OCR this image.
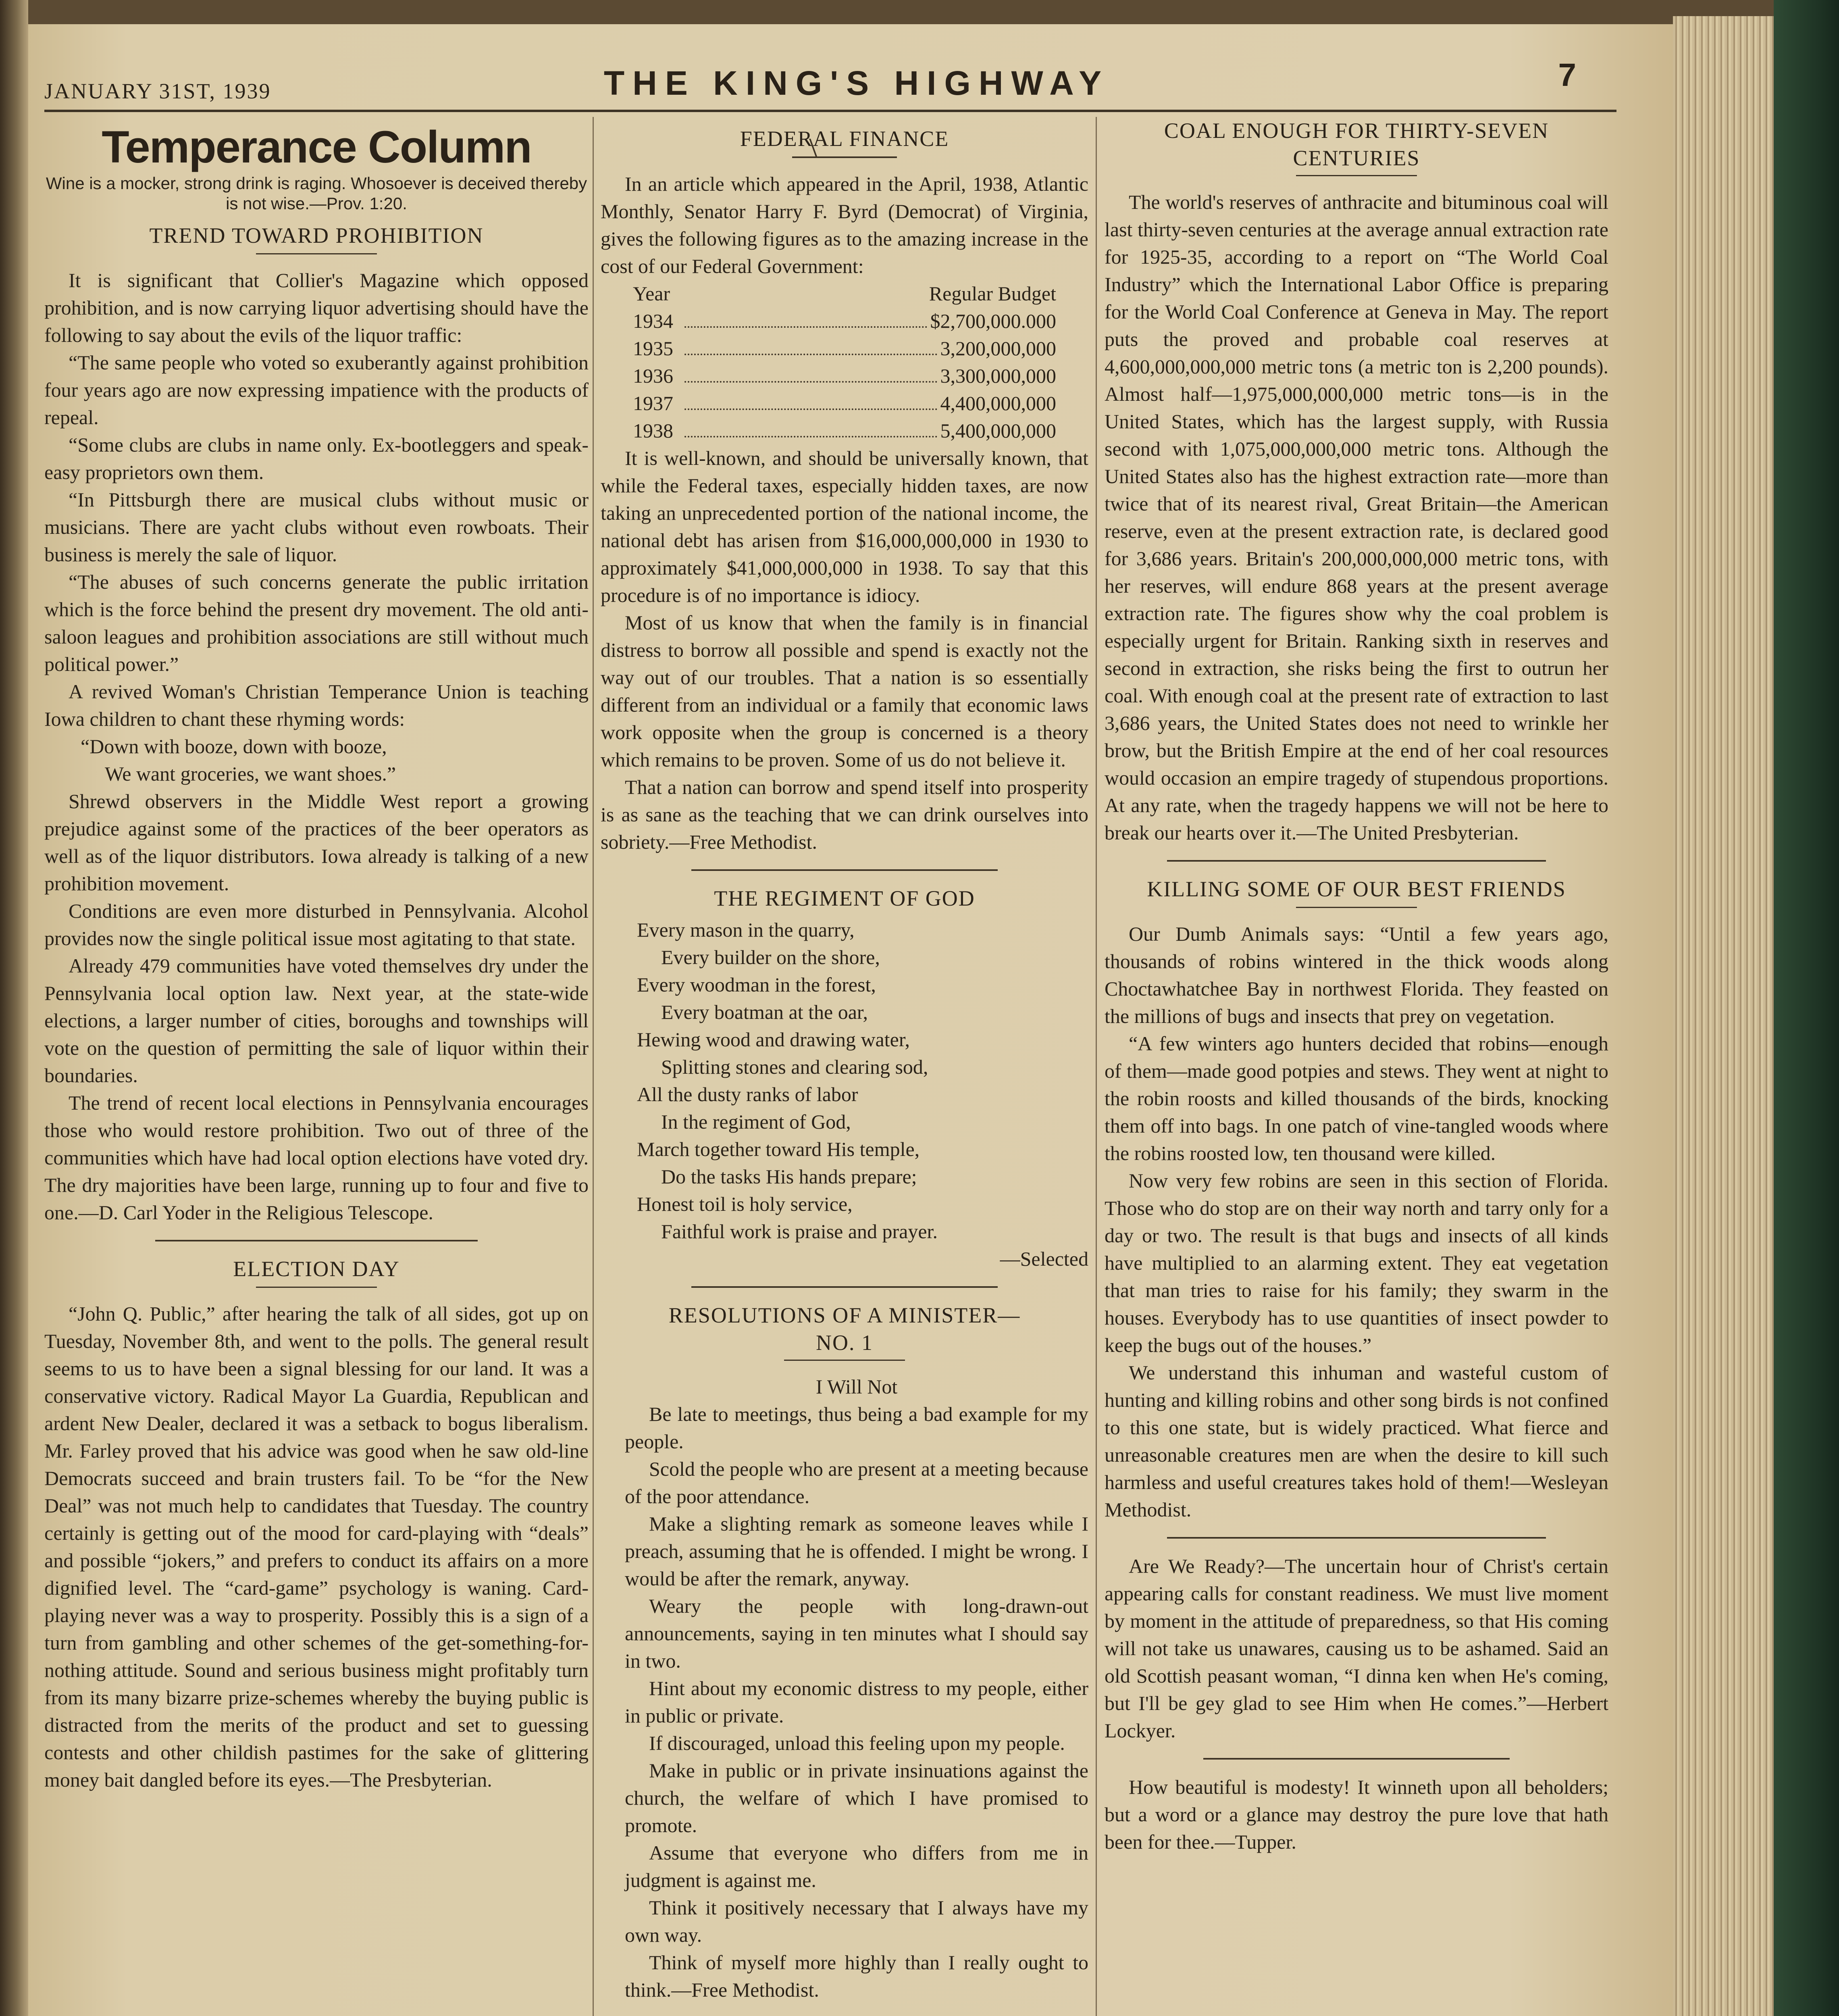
JANUARY 31ST, 1939	THE KING'S HIGHWAY	7
Temperance Column
Wine is a mocker, strong drink is raging. Whosoever is deceived thereby is not wise.—Prov. 1:20.
TREND TOWARD PROHIBITION

It is significant that Collier's Magazine which opposed prohibition, and is now carrying liquor advertising should have the following to say about the evils of the liquor traffic:

“The same people who voted so exuberantly against prohibition four years ago are now expressing impatience with the products of repeal.

“Some clubs are clubs in name only. Ex-bootleggers and speak-easy proprietors own them.

“In Pittsburgh there are musical clubs without music or musicians. There are yacht clubs without even rowboats. Their business is merely the sale of liquor.

“The abuses of such concerns generate the public irritation which is the force behind the present dry movement. The old anti-saloon leagues and prohibition associations are still without much political power.”

A revived Woman's Christian Temperance Union is teaching Iowa children to chant these rhyming words:

“Down with booze, down with booze,

We want groceries, we want shoes.”

Shrewd observers in the Middle West report a growing prejudice against some of the practices of the beer operators as well as of the liquor distributors. Iowa already is talking of a new prohibition movement.

Conditions are even more disturbed in Pennsylvania. Alcohol provides now the single political issue most agitating to that state.

Already 479 communities have voted themselves dry under the Pennsylvania local option law. Next year, at the state-wide elections, a larger number of cities, boroughs and townships will vote on the question of permitting the sale of liquor within their boundaries.

The trend of recent local elections in Pennsylvania encourages those who would restore prohibition. Two out of three of the communities which have had local option elections have voted dry. The dry majorities have been large, running up to four and five to one.—D. Carl Yoder in the Religious Telescope.

ELECTION DAY

“John Q. Public,” after hearing the talk of all sides, got up on Tuesday, November 8th, and went to the polls. The general result seems to us to have been a signal blessing for our land. It was a conservative victory. Radical Mayor La Guardia, Republican and ardent New Dealer, declared it was a setback to bogus liberalism. Mr. Farley proved that his advice was good when he saw old-line Democrats succeed and brain trusters fail. To be “for the New Deal” was not much help to candidates that Tuesday. The country certainly is getting out of the mood for card-playing with “deals” and possible “jokers,” and prefers to conduct its affairs on a more dignified level. The “card-game” psychology is waning. Card-playing never was a way to prosperity. Possibly this is a sign of a turn from gambling and other schemes of the get-something-for-nothing attitude. Sound and serious business might profitably turn from its many bizarre prize-schemes whereby the buying public is distracted from the merits of the product and set to guessing contests and other childish pastimes for the sake of glittering money bait dangled before its eyes.—The Presbyterian.

FEDERAL FINANCE

In an article which appeared in the April, 1938, Atlantic Monthly, Senator Harry F. Byrd (Democrat) of Virginia, gives the following figures as to the amazing increase in the cost of our Federal Government:

Year	Regular Budget
1934	$2,700,000.000
1935	3,200,000,000
1936	3,300,000,000
1937	4,400,000,000
1938	5,400,000,000

It is well-known, and should be universally known, that while the Federal taxes, especially hidden taxes, are now taking an unprecedented portion of the national income, the national debt has arisen from $16,000,000,000 in 1930 to approximately $41,000,000,000 in 1938. To say that this procedure is of no importance is idiocy.

Most of us know that when the family is in financial distress to borrow all possible and spend is exactly not the way out of our troubles. That a nation is so essentially different from an individual or a family that economic laws work opposite when the group is concerned is a theory which remains to be proven. Some of us do not believe it.

That a nation can borrow and spend itself into prosperity is as sane as the teaching that we can drink ourselves into sobriety.—Free Methodist.

THE REGIMENT OF GOD

Every mason in the quarry,

Every builder on the shore,

Every woodman in the forest,

Every boatman at the oar,

Hewing wood and drawing water,

Splitting stones and clearing sod,

All the dusty ranks of labor

In the regiment of God,

March together toward His temple,

Do the tasks His hands prepare;

Honest toil is holy service,

Faithful work is praise and prayer.

—Selected

RESOLUTIONS OF A MINISTER—
NO. 1

I Will Not

Be late to meetings, thus being a bad example for my people.

Scold the people who are present at a meeting because of the poor attendance.

Make a slighting remark as someone leaves while I preach, assuming that he is offended. I might be wrong. I would be after the remark, anyway.

Weary the people with long-drawn-out announcements, saying in ten minutes what I should say in two.

Hint about my economic distress to my people, either in public or private.

If discouraged, unload this feeling upon my people.

Make in public or in private insinuations against the church, the welfare of which I have promised to promote.

Assume that everyone who differs from me in judgment is against me.

Think it positively necessary that I always have my own way.

Think of myself more highly than I really ought to think.—Free Methodist.

COAL ENOUGH FOR THIRTY-SEVEN
CENTURIES

The world's reserves of anthracite and bituminous coal will last thirty-seven centuries at the average annual extraction rate for 1925-35, according to a report on “The World Coal Industry” which the International Labor Office is preparing for the World Coal Conference at Geneva in May. The report puts the proved and probable coal reserves at 4,600,000,000,000 metric tons (a metric ton is 2,200 pounds). Almost half—1,975,000,000,000 metric tons—is in the United States, which has the largest supply, with Russia second with 1,075,000,000,000 metric tons. Although the United States also has the highest extraction rate—more than twice that of its nearest rival, Great Britain—the American reserve, even at the present extraction rate, is declared good for 3,686 years. Britain's 200,000,000,000 metric tons, with her reserves, will endure 868 years at the present average extraction rate. The figures show why the coal problem is especially urgent for Britain. Ranking sixth in reserves and second in extraction, she risks being the first to outrun her coal. With enough coal at the present rate of extraction to last 3,686 years, the United States does not need to wrinkle her brow, but the British Empire at the end of her coal resources would occasion an empire tragedy of stupendous proportions. At any rate, when the tragedy happens we will not be here to break our hearts over it.—The United Presbyterian.

KILLING SOME OF OUR BEST FRIENDS

Our Dumb Animals says: “Until a few years ago, thousands of robins wintered in the thick woods along Choctawhatchee Bay in northwest Florida. They feasted on the millions of bugs and insects that prey on vegetation.

“A few winters ago hunters decided that robins—enough of them—made good potpies and stews. They went at night to the robin roosts and killed thousands of the birds, knocking them off into bags. In one patch of vine-tangled woods where the robins roosted low, ten thousand were killed.

Now very few robins are seen in this section of Florida. Those who do stop are on their way north and tarry only for a day or two. The result is that bugs and insects of all kinds have multiplied to an alarming extent. They eat vegetation that man tries to raise for his family; they swarm in the houses. Everybody has to use quantities of insect powder to keep the bugs out of the houses.”

We understand this inhuman and wasteful custom of hunting and killing robins and other song birds is not confined to this one state, but is widely practiced. What fierce and unreasonable creatures men are when the desire to kill such harmless and useful creatures takes hold of them!—Wesleyan Methodist.

Are We Ready?—The uncertain hour of Christ's certain appearing calls for constant readiness. We must live moment by moment in the attitude of preparedness, so that His coming will not take us unawares, causing us to be ashamed. Said an old Scottish peasant woman, “I dinna ken when He's coming, but I'll be gey glad to see Him when He comes.”—Herbert Lockyer.

How beautiful is modesty! It winneth upon all beholders; but a word or a glance may destroy the pure love that hath been for thee.—Tupper.
